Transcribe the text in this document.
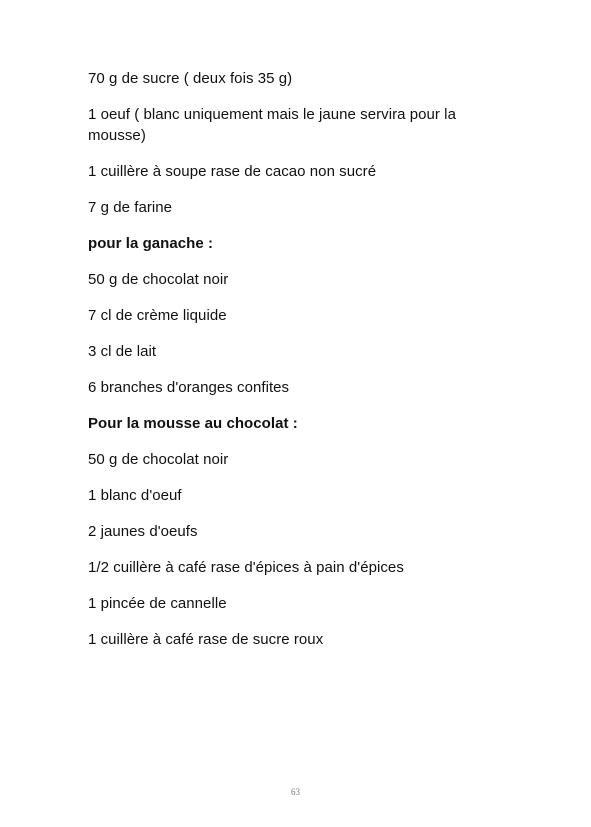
70 g de sucre ( deux fois 35 g)

1 oeuf ( blanc uniquement mais le jaune servira pour la mousse)

1 cuillère à soupe rase de cacao non sucré

7 g de farine

pour la ganache :

50 g de chocolat noir

7 cl de crème liquide

3 cl de lait

6 branches d'oranges confites

Pour la mousse au chocolat :

50 g de chocolat noir

1 blanc d'oeuf

2 jaunes d'oeufs

1/2 cuillère à café rase d'épices à pain d'épices

1 pincée de cannelle

1 cuillère à café rase de sucre roux

63
